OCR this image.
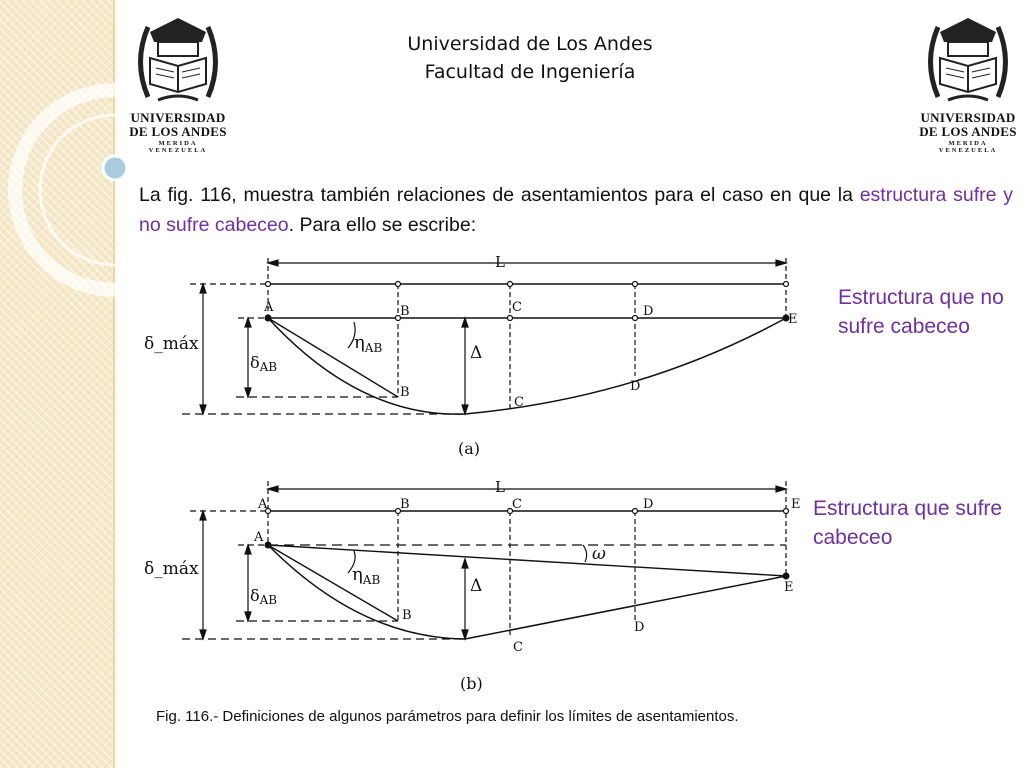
UNIVERSIDAD
DE LOS ANDES
MERIDA VENEZUELA
UNIVERSIDAD
DE LOS ANDES
MERIDA VENEZUELA
Universidad de Los Andes
Facultad de Ingeniería
La fig. 116, muestra también relaciones de asentamientos para el caso en que la estructura sufre y no sufre cabeceo. Para ello se escribe:
L
A	B
B
C
C
D
D
E
δ_máx
δAB
$\eta_{AB}$	Δ
(a)
A	B	C	D	E
L
A
B
C
D
E
δ_máx
δAB
$\eta_{AB}$
ω
Δ
(b)
Estructura que no sufre cabeceo
Estructura que sufre cabeceo
Fig. 116.- Definiciones de algunos parámetros para definir los límites de asentamientos.
